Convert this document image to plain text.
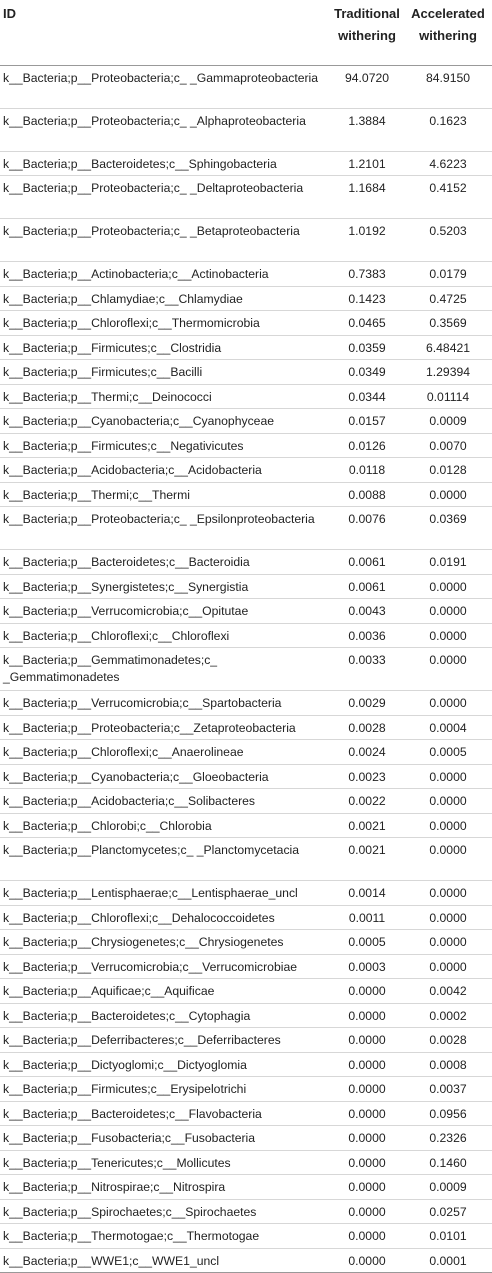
ID	Traditional withering	Accelerated withering
k__Bacteria;p__Proteobacteria;c_ _Gammaproteobacteria	94.0720	84.9150
k__Bacteria;p__Proteobacteria;c_ _Alphaproteobacteria	1.3884	0.1623
k__Bacteria;p__Bacteroidetes;c__Sphingobacteria	1.2101	4.6223
k__Bacteria;p__Proteobacteria;c_ _Deltaproteobacteria	1.1684	0.4152
k__Bacteria;p__Proteobacteria;c_ _Betaproteobacteria	1.0192	0.5203
k__Bacteria;p__Actinobacteria;c__Actinobacteria	0.7383	0.0179
k__Bacteria;p__Chlamydiae;c__Chlamydiae	0.1423	0.4725
k__Bacteria;p__Chloroflexi;c__Thermomicrobia	0.0465	0.3569
k__Bacteria;p__Firmicutes;c__Clostridia	0.0359	6.48421
k__Bacteria;p__Firmicutes;c__Bacilli	0.0349	1.29394
k__Bacteria;p__Thermi;c__Deinococci	0.0344	0.01114
k__Bacteria;p__Cyanobacteria;c__Cyanophyceae	0.0157	0.0009
k__Bacteria;p__Firmicutes;c__Negativicutes	0.0126	0.0070
k__Bacteria;p__Acidobacteria;c__Acidobacteria	0.0118	0.0128
k__Bacteria;p__Thermi;c__Thermi	0.0088	0.0000
k__Bacteria;p__Proteobacteria;c_ _Epsilonproteobacteria	0.0076	0.0369
k__Bacteria;p__Bacteroidetes;c__Bacteroidia	0.0061	0.0191
k__Bacteria;p__Synergistetes;c__Synergistia	0.0061	0.0000
k__Bacteria;p__Verrucomicrobia;c__Opitutae	0.0043	0.0000
k__Bacteria;p__Chloroflexi;c__Chloroflexi	0.0036	0.0000
k__Bacteria;p__Gemmatimonadetes;c_ _Gemmatimonadetes	0.0033	0.0000
k__Bacteria;p__Verrucomicrobia;c__Spartobacteria	0.0029	0.0000
k__Bacteria;p__Proteobacteria;c__Zetaproteobacteria	0.0028	0.0004
k__Bacteria;p__Chloroflexi;c__Anaerolineae	0.0024	0.0005
k__Bacteria;p__Cyanobacteria;c__Gloeobacteria	0.0023	0.0000
k__Bacteria;p__Acidobacteria;c__Solibacteres	0.0022	0.0000
k__Bacteria;p__Chlorobi;c__Chlorobia	0.0021	0.0000
k__Bacteria;p__Planctomycetes;c_ _Planctomycetacia	0.0021	0.0000
k__Bacteria;p__Lentisphaerae;c__Lentisphaerae_uncl	0.0014	0.0000
k__Bacteria;p__Chloroflexi;c__Dehalococcoidetes	0.0011	0.0000
k__Bacteria;p__Chrysiogenetes;c__Chrysiogenetes	0.0005	0.0000
k__Bacteria;p__Verrucomicrobia;c__Verrucomicrobiae	0.0003	0.0000
k__Bacteria;p__Aquificae;c__Aquificae	0.0000	0.0042
k__Bacteria;p__Bacteroidetes;c__Cytophagia	0.0000	0.0002
k__Bacteria;p__Deferribacteres;c__Deferribacteres	0.0000	0.0028
k__Bacteria;p__Dictyoglomi;c__Dictyoglomia	0.0000	0.0008
k__Bacteria;p__Firmicutes;c__Erysipelotrichi	0.0000	0.0037
k__Bacteria;p__Bacteroidetes;c__Flavobacteria	0.0000	0.0956
k__Bacteria;p__Fusobacteria;c__Fusobacteria	0.0000	0.2326
k__Bacteria;p__Tenericutes;c__Mollicutes	0.0000	0.1460
k__Bacteria;p__Nitrospirae;c__Nitrospira	0.0000	0.0009
k__Bacteria;p__Spirochaetes;c__Spirochaetes	0.0000	0.0257
k__Bacteria;p__Thermotogae;c__Thermotogae	0.0000	0.0101
k__Bacteria;p__WWE1;c__WWE1_uncl	0.0000	0.0001
